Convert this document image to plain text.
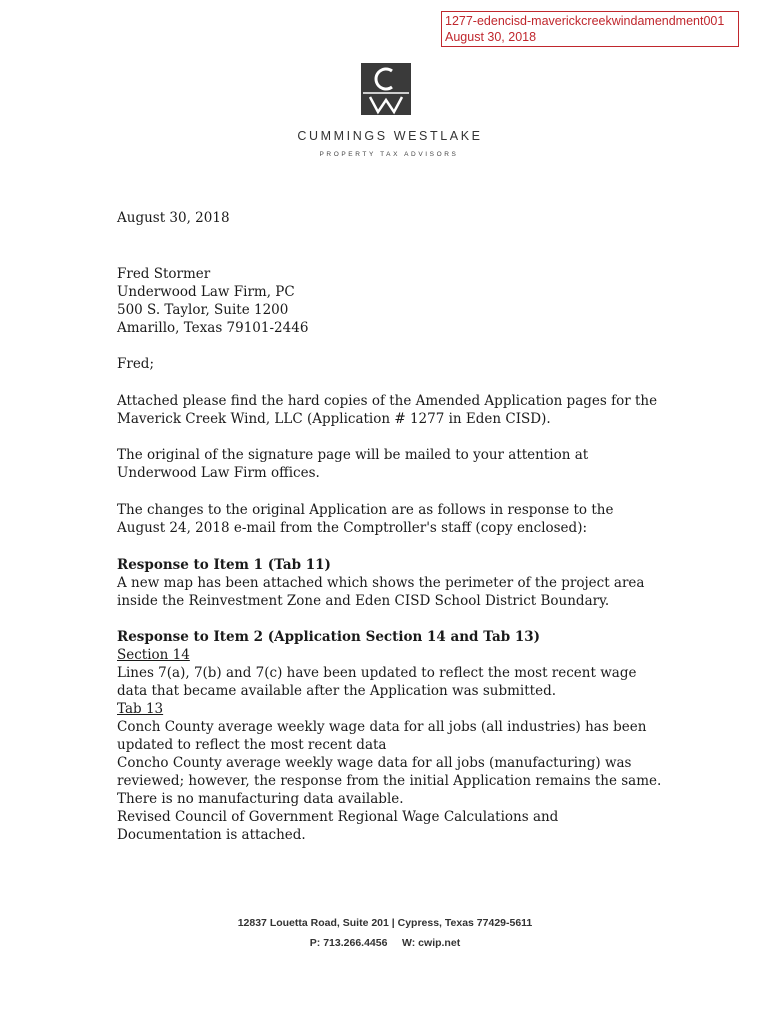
1277-edencisd-maverickcreekwindamendment001
August 30, 2018
CUMMINGS WESTLAKE
PROPERTY TAX ADVISORS
August 30, 2018
Fred Stormer
Underwood Law Firm, PC
500 S. Taylor, Suite 1200
Amarillo, Texas 79101-2446
Fred;
Attached please find the hard copies of the Amended Application pages for the Maverick Creek Wind, LLC (Application # 1277 in Eden CISD).
The original of the signature page will be mailed to your attention at Underwood Law Firm offices.
The changes to the original Application are as follows in response to the August 24, 2018 e-mail from the Comptroller's staff (copy enclosed):
Response to Item 1 (Tab 11)
A new map has been attached which shows the perimeter of the project area inside the Reinvestment Zone and Eden CISD School District Boundary.
Response to Item 2 (Application Section 14 and Tab 13)
Section 14
Lines 7(a), 7(b) and 7(c) have been updated to reflect the most recent wage data that became available after the Application was submitted.
Tab 13
Conch County average weekly wage data for all jobs (all industries) has been updated to reflect the most recent data
Concho County average weekly wage data for all jobs (manufacturing) was reviewed; however, the response from the initial Application remains the same. There is no manufacturing data available.
Revised Council of Government Regional Wage Calculations and Documentation is attached.
12837 Louetta Road, Suite 201 | Cypress, Texas 77429-5611
P: 713.266.4456 W: cwip.net
